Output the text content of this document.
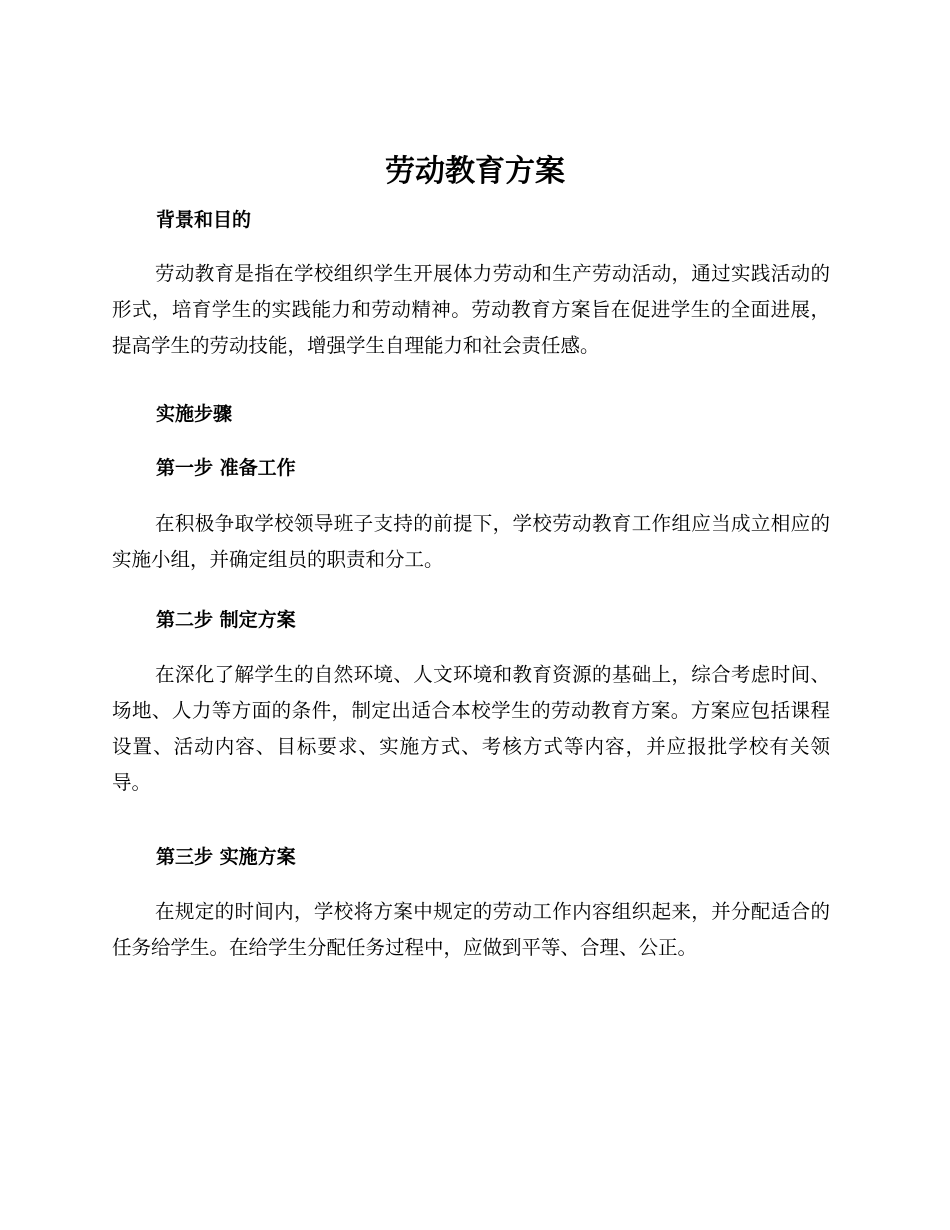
劳动教育方案
背景和目的
劳动教育是指在学校组织学生开展体力劳动和生产劳动活动，通过实践活动的形式，培育学生的实践能力和劳动精神。劳动教育方案旨在促进学生的全面进展，提高学生的劳动技能，增强学生自理能力和社会责任感。
实施步骤
第一步 准备工作
在积极争取学校领导班子支持的前提下，学校劳动教育工作组应当成立相应的实施小组，并确定组员的职责和分工。
第二步 制定方案
在深化了解学生的自然环境、人文环境和教育资源的基础上，综合考虑时间、场地、人力等方面的条件，制定出适合本校学生的劳动教育方案。方案应包括课程设置、活动内容、目标要求、实施方式、考核方式等内容，并应报批学校有关领导。
第三步 实施方案
在规定的时间内，学校将方案中规定的劳动工作内容组织起来，并分配适合的任务给学生。在给学生分配任务过程中，应做到平等、合理、公正。
